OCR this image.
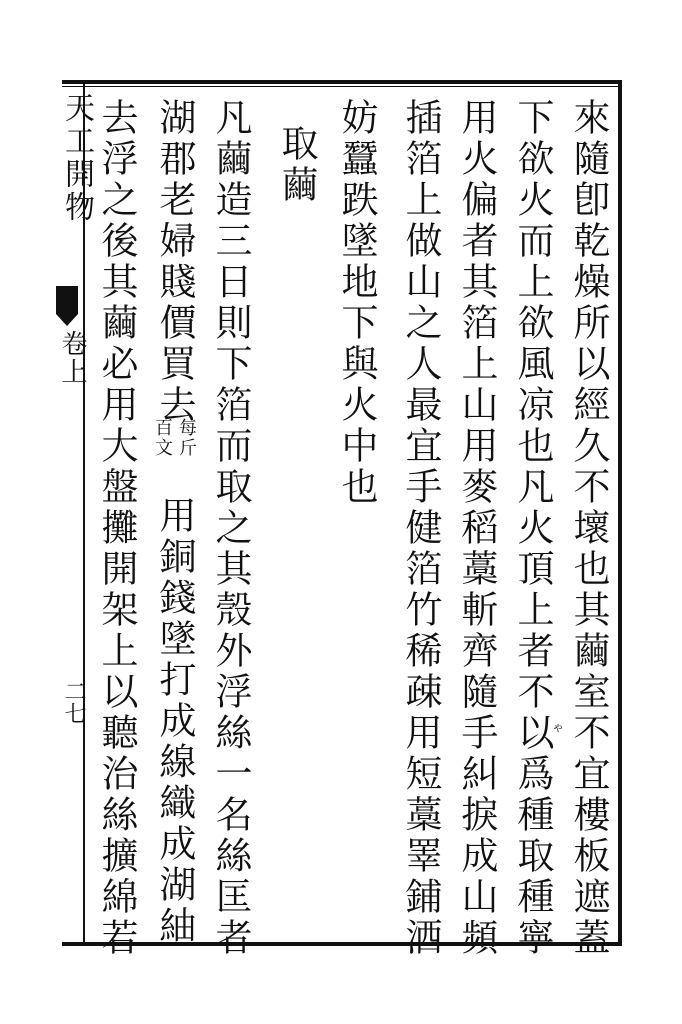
天工開物
卷上
二七	來隨卽乾燥所以經久不壞也其繭室不宜樓板遮蓋
下欲火而上欲風凉也凡火頂上者不以爲種取種寧
用火偏者其箔上山用麥稻藁斬齊隨手糾捩成山頻
插箔上做山之人最宜手健箔竹稀疎用短藁睪鋪洒
妨蠶跌墜地下與火中也
取繭
凡繭造三日則下箔而取之其殼外浮絲一名絲匡者
湖郡老婦賤價買去
每斤
百文
用銅錢墜打成線織成湖紬
去浮之後其繭必用大盤攤開架上以聽治絲擴綿若	ゃ
